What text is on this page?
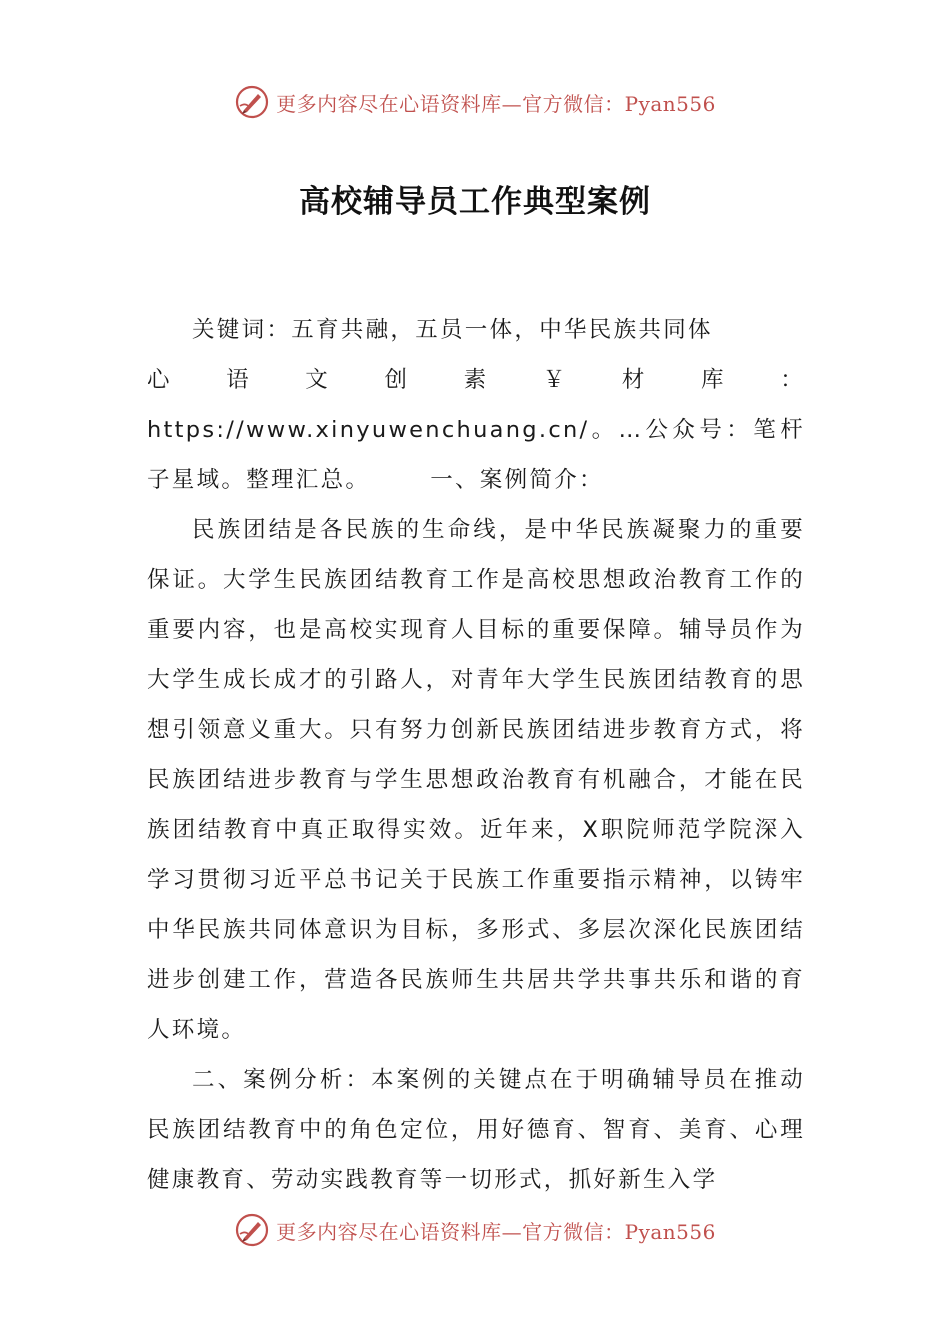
更多内容尽在心语资料库—官方微信：Pyan556
高校辅导员工作典型案例

关键词：五育共融，五员一体，中华民族共同体

心语文创素￥材库：https://www.xinyuwenchuang.cn/。…公众号：笔杆子星域。整理汇总。	一、案例简介：

民族团结是各民族的生命线，是中华民族凝聚力的重要保证。大学生民族团结教育工作是高校思想政治教育工作的重要内容，也是高校实现育人目标的重要保障。辅导员作为大学生成长成才的引路人，对青年大学生民族团结教育的思想引领意义重大。只有努力创新民族团结进步教育方式，将民族团结进步教育与学生思想政治教育有机融合，才能在民族团结教育中真正取得实效。近年来，X职院师范学院深入学习贯彻习近平总书记关于民族工作重要指示精神，以铸牢中华民族共同体意识为目标，多形式、多层次深化民族团结进步创建工作，营造各民族师生共居共学共事共乐和谐的育人环境。

二、案例分析：本案例的关键点在于明确辅导员在推动民族团结教育中的角色定位，用好德育、智育、美育、心理健康教育、劳动实践教育等一切形式，抓好新生入学

更多内容尽在心语资料库—官方微信：Pyan556
